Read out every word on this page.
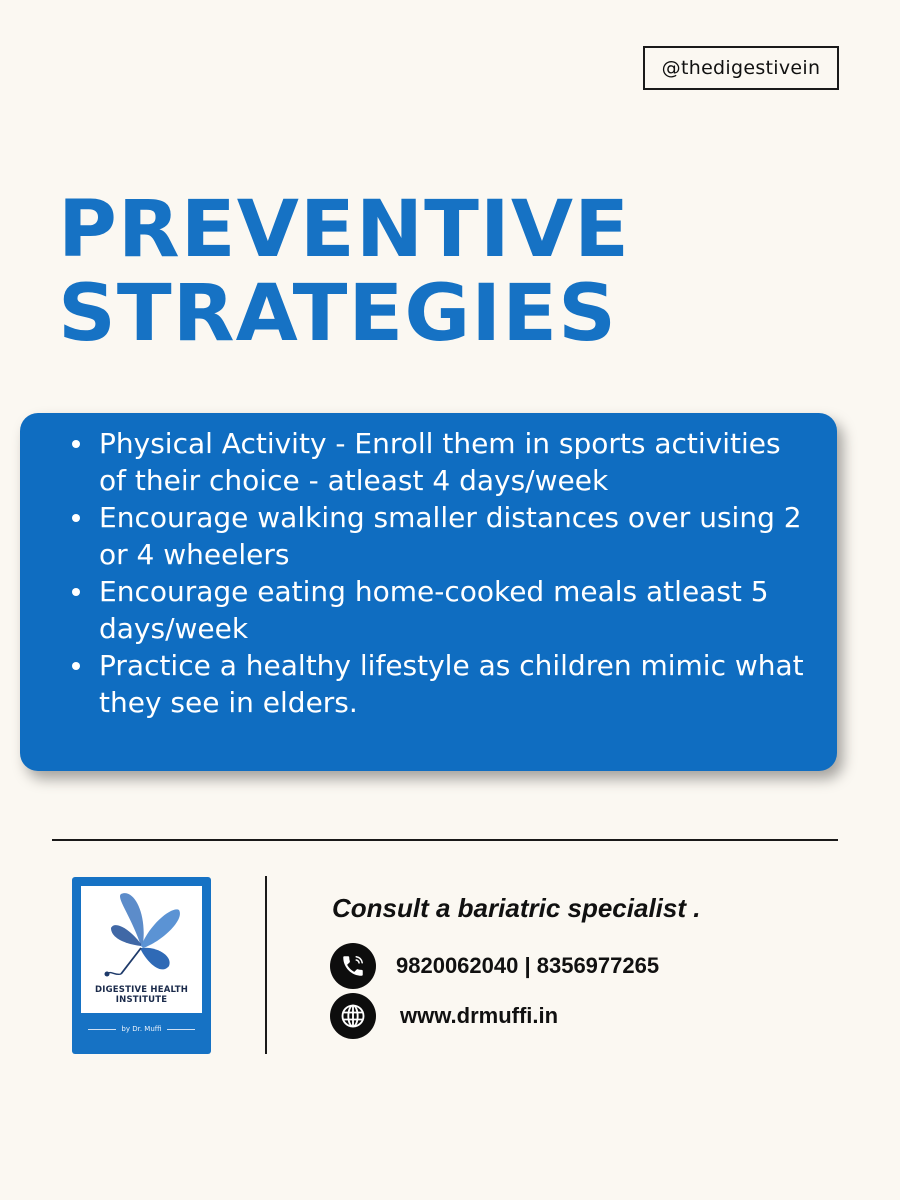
@thedigestivein
PREVENTIVE
STRATEGIES
Physical Activity - Enroll them in sports activities of their choice - atleast 4 days/week
Encourage walking smaller distances over using 2 or 4 wheelers
Encourage eating home-cooked meals atleast 5 days/week
Practice a healthy lifestyle as children mimic what they see in elders.
DIGESTIVE HEALTH
INSTITUTE
by Dr. Muffi

Consult a bariatric specialist .

9820062040 | 8356977265
www.drmuffi.in
